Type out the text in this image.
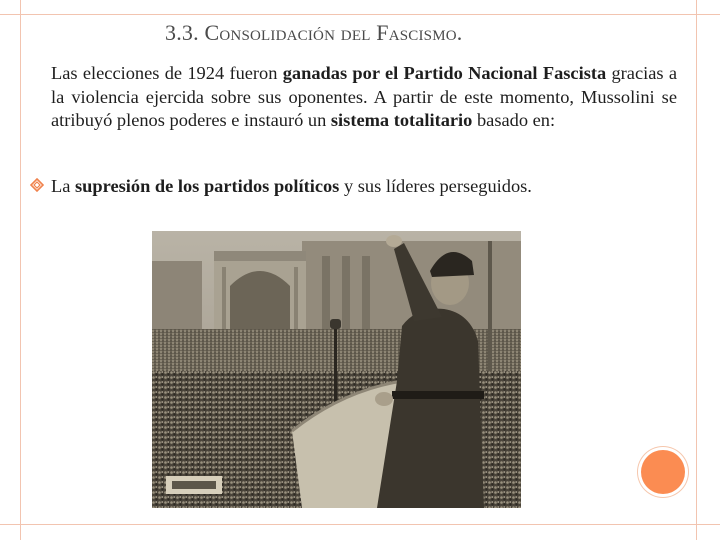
3.3. Consolidación del Fascismo.
Las elecciones de 1924 fueron ganadas por el Partido Nacional Fascista gracias a la violencia ejercida sobre sus oponentes. A partir de este momento, Mussolini se atribuyó plenos poderes e instauró un sistema totalitario basado en:
La supresión de los partidos políticos y sus líderes perseguidos.
